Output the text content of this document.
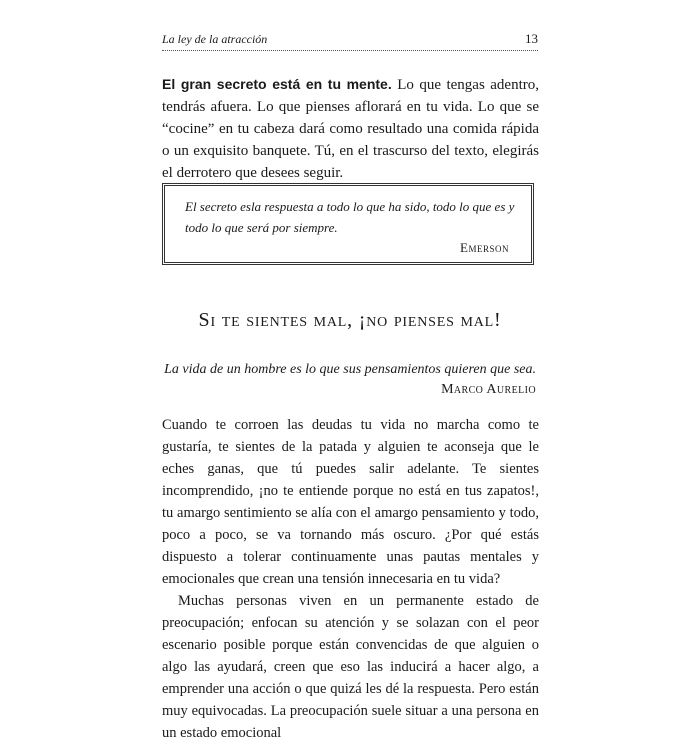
La ley de la atracción	13

El gran secreto está en tu mente. Lo que tengas adentro, tendrás afuera. Lo que pienses aflorará en tu vida. Lo que se “cocine” en tu cabeza dará como resultado una comida rápida o un exquisito banquete. Tú, en el trascurso del texto, elegirás el derrotero que desees seguir.

El secreto esla respuesta a todo lo que ha sido, todo lo que es y todo lo que será por siempre.

Emerson
Si te sientes mal, ¡no pienses mal!
La vida de un hombre es lo que sus pensamientos quieren que sea.
Marco Aurelio

Cuando te corroen las deudas tu vida no marcha como te gustaría, te sientes de la patada y alguien te aconseja que le eches ganas, que tú puedes salir adelante. Te sientes incomprendido, ¡no te entiende porque no está en tus zapatos!, tu amargo sentimiento se alía con el amargo pensamiento y todo, poco a poco, se va tornando más oscuro. ¿Por qué estás dispuesto a tolerar continuamente unas pautas mentales y emocionales que crean una tensión innecesaria en tu vida?

Muchas personas viven en un permanente estado de preocupación; enfocan su atención y se solazan con el peor escenario posible porque están convencidas de que alguien o algo las ayudará, creen que eso las inducirá a hacer algo, a emprender una acción o que quizá les dé la respuesta. Pero están muy equivocadas. La preocupación suele situar a una persona en un estado emocional
